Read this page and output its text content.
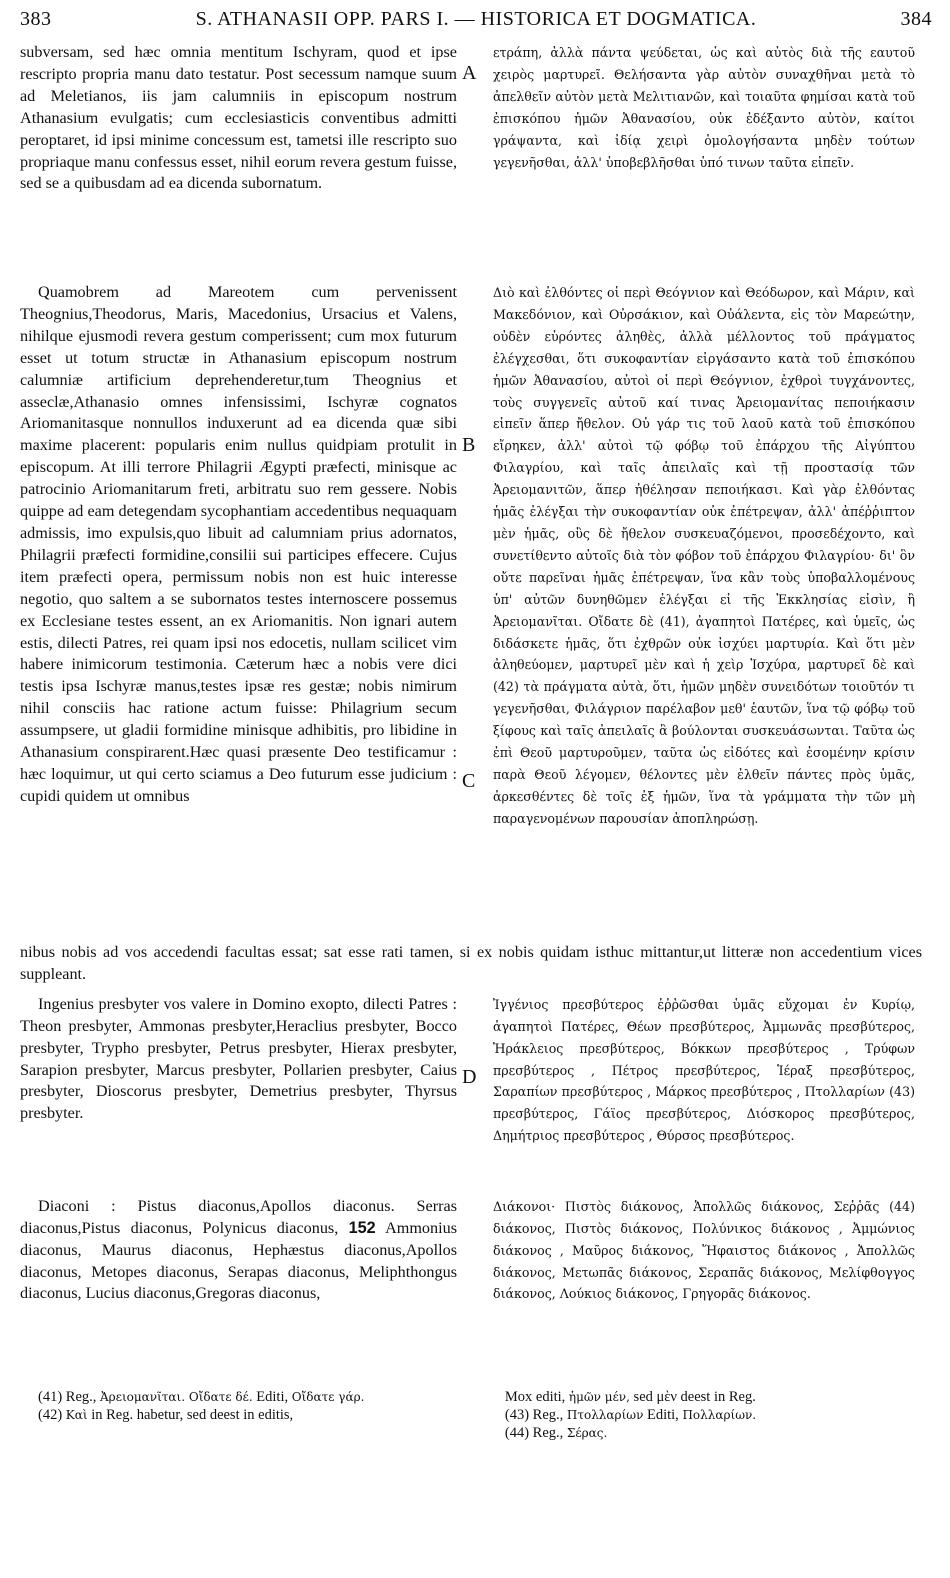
383	S. ATHANASII OPP. PARS I. — HISTORICA ET DOGMATICA.	384

subversam, sed hæc omnia mentitum Ischyram, quod et ipse rescripto propria manu dato testatur. Post secessum namque suum ad Meletianos, iis jam calumniis in episcopum nostrum Athanasium evulgatis; cum ecclesiasticis conventibus admitti peroptaret, id ipsi minime concessum est, tametsi ille rescripto suo propriaque manu confessus esset, nihil eorum revera gestum fuisse, sed se a quibusdam ad ea dicenda subornatum.

A

ετράπη, ἀλλὰ πάντα ψεύδεται, ὡς καὶ αὐτὸς διὰ τῆς εαυτοῦ χειρὸς μαρτυρεῖ. Θελήσαντα γὰρ αὐτὸν συναχθῆναι μετὰ τὸ ἀπελθεῖν αὐτὸν μετὰ Μελιτιανῶν, καὶ τοιαῦτα φημίσαι κατὰ τοῦ ἐπισκόπου ἡμῶν Ἀθανασίου, οὐκ ἐδέξαντο αὐτὸν, καίτοι γράψαντα, καὶ ἰδίᾳ χειρὶ ὁμολογήσαντα μηδὲν τούτων γεγενῆσθαι, ἀλλ' ὑποβεβλῆσθαι ὑπό τινων ταῦτα εἰπεῖν.

Quamobrem ad Mareotem cum pervenissent Theognius,Theodorus, Maris, Macedonius, Ursacius et Valens, nihilque ejusmodi revera gestum comperissent; cum mox futurum esset ut totum structæ in Athanasium episcopum nostrum calumniæ artificium deprehenderetur,tum Theognius et asseclæ,Athanasio omnes infensissimi, Ischyræ cognatos Ariomanitasque nonnullos induxerunt ad ea dicenda quæ sibi maxime placerent: popularis enim nullus quidpiam protulit in episcopum. At illi terrore Philagrii Ægypti præfecti, minisque ac patrocinio Ariomanitarum freti, arbitratu suo rem gessere. Nobis quippe ad eam detegendam sycophantiam accedentibus nequaquam admissis, imo expulsis,quo libuit ad calumniam prius adornatos, Philagrii præfecti formidine,consilii sui participes effecere. Cujus item præfecti opera, permissum nobis non est huic interesse negotio, quo saltem a se subornatos testes internoscere possemus ex Ecclesiane testes essent, an ex Ariomanitis. Non ignari autem estis, dilecti Patres, rei quam ipsi nos edocetis, nullam scilicet vim habere inimicorum testimonia. Cæterum hæc a nobis vere dici testis ipsa Ischyræ manus,testes ipsæ res gestæ; nobis nimirum nihil consciis hac ratione actum fuisse: Philagrium secum assumpsere, ut gladii formidine minisque adhibitis, pro libidine in Athanasium conspirarent.Hæc quasi præsente Deo testificamur : hæc loquimur, ut qui certo sciamus a Deo futurum esse judicium : cupidi quidem ut omnibus

B
C

Διὸ καὶ ἐλθόντες οἱ περὶ Θεόγνιον καὶ Θεόδωρον, καὶ Μάριν, καὶ Μακεδόνιον, καὶ Οὐρσάκιον, καὶ Οὐάλεντα, εἰς τὸν Μαρεώτην, οὐδὲν εὑρόντες ἀληθὲς, ἀλλὰ μέλλοντος τοῦ πράγματος ἐλέγχεσθαι, ὅτι συκοφαντίαν εἰργάσαντο κατὰ τοῦ ἐπισκόπου ἡμῶν Ἀθανασίου, αὐτοὶ οἱ περὶ Θεόγνιον, ἐχθροὶ τυγχάνοντες, τοὺς συγγενεῖς αὐτοῦ καί τινας Ἀρειομανίτας πεποιήκασιν εἰπεῖν ἅπερ ἤθελον. Οὐ γάρ τις τοῦ λαοῦ κατὰ τοῦ ἐπισκόπου εἴρηκεν, ἀλλ' αὐτοὶ τῷ φόβῳ τοῦ ἐπάρχου τῆς Αἰγύπτου Φιλαγρίου, καὶ ταῖς ἀπειλαῖς καὶ τῇ προστασίᾳ τῶν Ἀρειομανιτῶν, ἅπερ ἠθέλησαν πεποιήκασι. Καὶ γὰρ ἐλθόντας ἡμᾶς ἐλέγξαι τὴν συκοφαντίαν οὐκ ἐπέτρεψαν, ἀλλ' ἀπέῤῥιπτον μὲν ἡμᾶς, οὓς δὲ ἤθελον συσκευαζόμενοι, προσεδέχοντο, καὶ συνετίθεντο αὐτοῖς διὰ τὸν φόβον τοῦ ἐπάρχου Φιλαγρίου· δι' ὃν οὔτε παρεῖναι ἡμᾶς ἐπέτρεψαν, ἵνα κἂν τοὺς ὑποβαλλομένους ὑπ' αὐτῶν δυνηθῶμεν ἐλέγξαι εἰ τῆς Ἐκκλησίας εἰσὶν, ἢ Ἀρειομανῖται. Οἴδατε δὲ (41), ἀγαπητοὶ Πατέρες, καὶ ὑμεῖς, ὡς διδάσκετε ἡμᾶς, ὅτι ἐχθρῶν οὐκ ἰσχύει μαρτυρία. Καὶ ὅτι μὲν ἀληθεύομεν, μαρτυρεῖ μὲν καὶ ἡ χεὶρ Ἰσχύρα, μαρτυρεῖ δὲ καὶ (42) τὰ πράγματα αὐτὰ, ὅτι, ἡμῶν μηδὲν συνειδότων τοιοῦτόν τι γεγενῆσθαι, Φιλάγριον παρέλαβον μεθ' ἑαυτῶν, ἵνα τῷ φόβῳ τοῦ ξίφους καὶ ταῖς ἀπειλαῖς ἃ βούλονται συσκευάσωνται. Ταῦτα ὡς ἐπὶ Θεοῦ μαρτυροῦμεν, ταῦτα ὡς εἰδότες καὶ ἐσομένην κρίσιν παρὰ Θεοῦ λέγομεν, θέλοντες μὲν ἐλθεῖν πάντες πρὸς ὑμᾶς, ἀρκεσθέντες δὲ τοῖς ἐξ ἡμῶν, ἵνα τὰ γράμματα τὴν τῶν μὴ παραγενομένων παρουσίαν ἀποπληρώσῃ.

nibus nobis ad vos accedendi facultas essat; sat esse rati tamen, si ex nobis quidam isthuc mittantur,ut litteræ non accedentium vices suppleant.

Ingenius presbyter vos valere in Domino exopto, dilecti Patres : Theon presbyter, Ammonas presbyter,Heraclius presbyter, Bocco presbyter, Trypho presbyter, Petrus presbyter, Hierax presbyter, Sarapion presbyter, Marcus presbyter, Pollarien presbyter, Caius presbyter, Dioscorus presbyter, Demetrius presbyter, Thyrsus presbyter.

D

Ἰγγένιος πρεσβύτερος ἐῤῥῶσθαι ὑμᾶς εὔχομαι ἐν Κυρίῳ, ἀγαπητοὶ Πατέρες, Θέων πρεσβύτερος, Ἀμμωνᾶς πρεσβύτερος, Ἡράκλειος πρεσβύτερος, Βόκκων πρεσβύτερος , Τρύφων πρεσβύτερος , Πέτρος πρεσβύτερος, Ἱέραξ πρεσβύτερος, Σαραπίων πρεσβύτερος , Μάρκος πρεσβύτερος , Πτολλαρίων (43) πρεσβύτερος, Γάϊος πρεσβύτερος, Διόσκορος πρεσβύτερος, Δημήτριος πρεσβύτερος , Θύρσος πρεσβύτερος.

Diaconi : Pistus diaconus,Apollos diaconus. Serras diaconus,Pistus diaconus, Polynicus diaconus, 152 Ammonius diaconus, Maurus diaconus, Hephæstus diaconus,Apollos diaconus, Metopes diaconus, Serapas diaconus, Meliphthongus diaconus, Lucius diaconus,Gregoras diaconus,

Διάκονοι· Πιστὸς διάκονος, Ἀπολλῶς διάκονος, Σεῤῥᾶς (44) διάκονος, Πιστὸς διάκονος, Πολύνικος διάκονος , Ἀμμώνιος διάκονος , Μαῦρος διάκονος, Ἥφαιστος διάκονος , Ἀπολλῶς διάκονος, Μετωπᾶς διάκονος, Σεραπᾶς διάκονος, Μελίφθογγος διάκονος, Λούκιος διάκονος, Γρηγορᾶς διάκονος.

(41) Reg., Ἀρειομανῖται. Οἴδατε δέ. Editi, Οἴδατε γάρ.
(42) Καὶ in Reg. habetur, sed deest in editis,
Mox editi, ἡμῶν μέν, sed μὲν deest in Reg.
(43) Reg., Πτολλαρίων Editi, Πολλαρίων.
(44) Reg., Σέρας.
